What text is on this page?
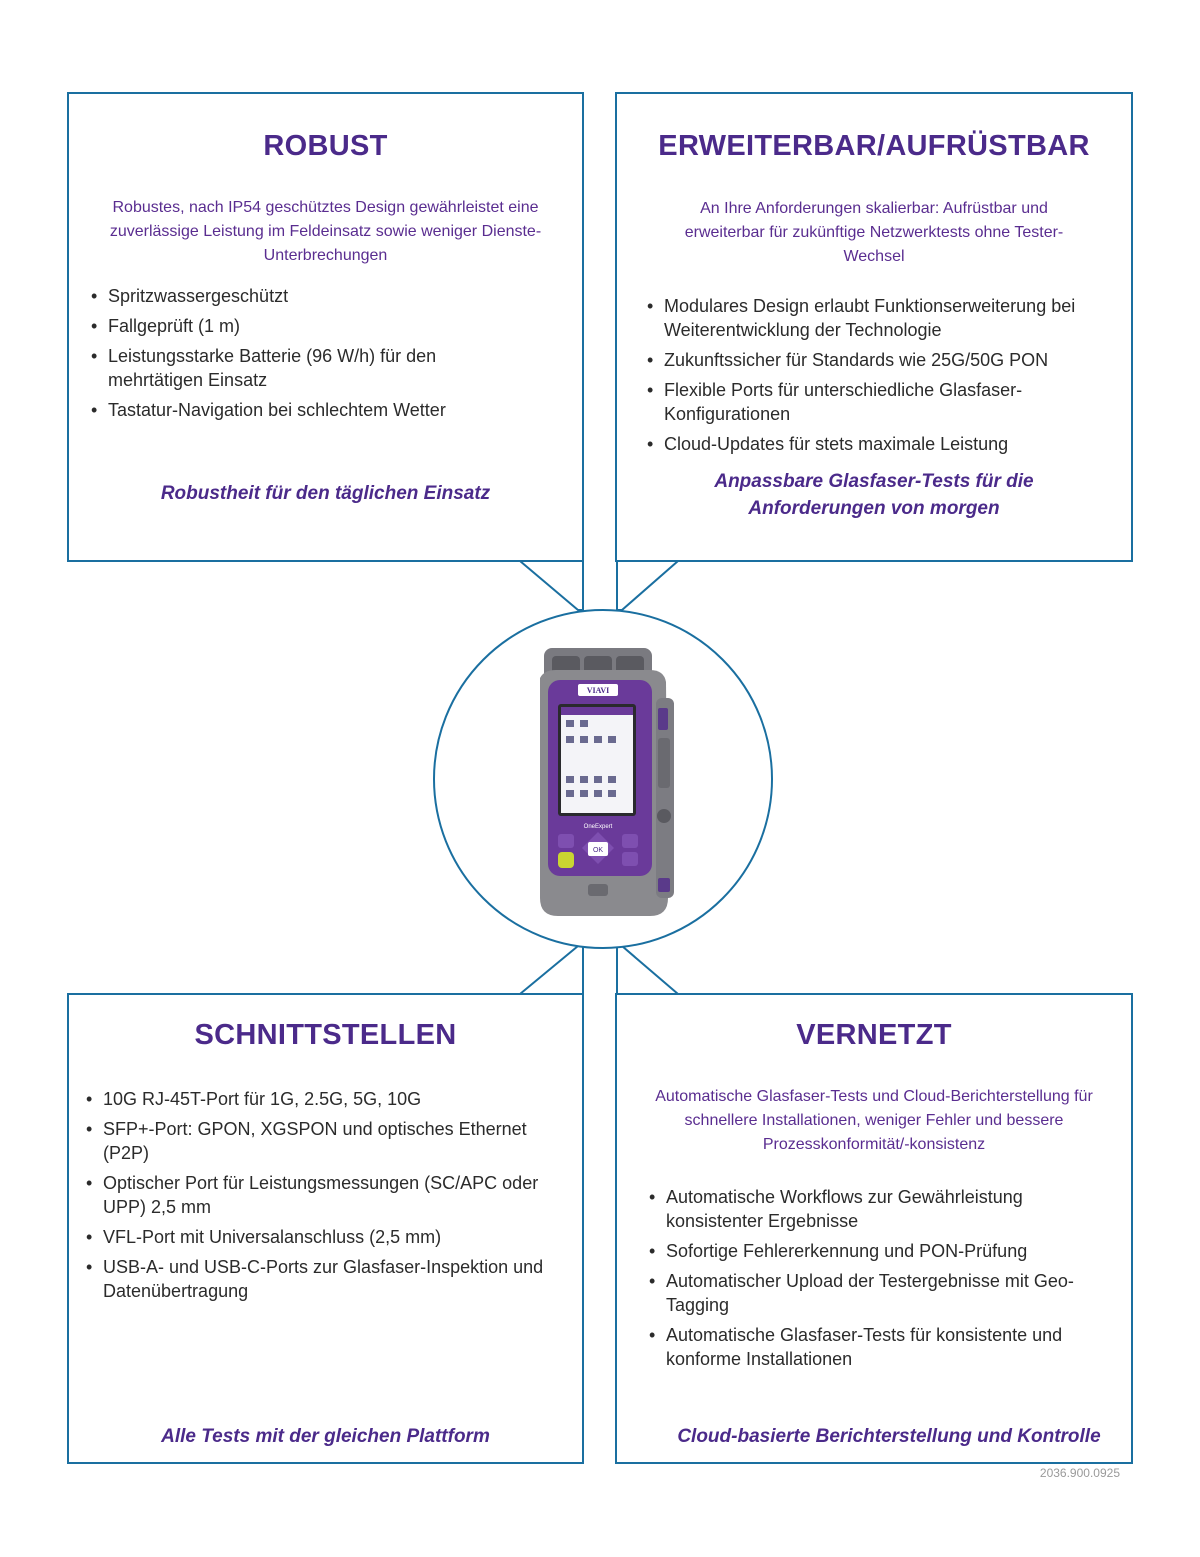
ROBUST
Robustes, nach IP54 geschütztes Design gewährleistet eine zuverlässige Leistung im Feldeinsatz sowie weniger Dienste-Unterbrechungen
• Spritzwassergeschützt
• Fallgeprüft (1 m)
• Leistungsstarke Batterie (96 W/h) für den mehrtätigen Einsatz
• Tastatur-Navigation bei schlechtem Wetter
Robustheit für den täglichen Einsatz
ERWEITERBAR/AUFRÜSTBAR
An Ihre Anforderungen skalierbar: Aufrüstbar und erweiterbar für zukünftige Netzwerktests ohne Tester-Wechsel
• Modulares Design erlaubt Funktionserweiterung bei Weiterentwicklung der Technologie
• Zukunftssicher für Standards wie 25G/50G PON
• Flexible Ports für unterschiedliche Glasfaser-Konfigurationen
• Cloud-Updates für stets maximale Leistung
Anpassbare Glasfaser-Tests für die Anforderungen von morgen
SCHNITTSTELLEN
• 10G RJ-45T-Port für 1G, 2.5G, 5G, 10G
• SFP+-Port: GPON, XGSPON und optisches Ethernet (P2P)
• Optischer Port für Leistungsmessungen (SC/APC oder UPP) 2,5 mm
• VFL-Port mit Universalanschluss (2,5 mm)
• USB-A- und USB-C-Ports zur Glasfaser-Inspektion und Datenübertragung
Alle Tests mit der gleichen Plattform
VERNETZT
Automatische Glasfaser-Tests und Cloud-Berichterstellung für schnellere Installationen, weniger Fehler und bessere Prozesskonformität/-konsistenz
• Automatische Workflows zur Gewährleistung konsistenter Ergebnisse
• Sofortige Fehlererkennung und PON-Prüfung
• Automatischer Upload der Testergebnisse mit Geo-Tagging
• Automatische Glasfaser-Tests für konsistente und konforme Installationen
Cloud-basierte Berichterstellung und Kontrolle
VIAVI
OneExpert
OK
2036.900.0925
